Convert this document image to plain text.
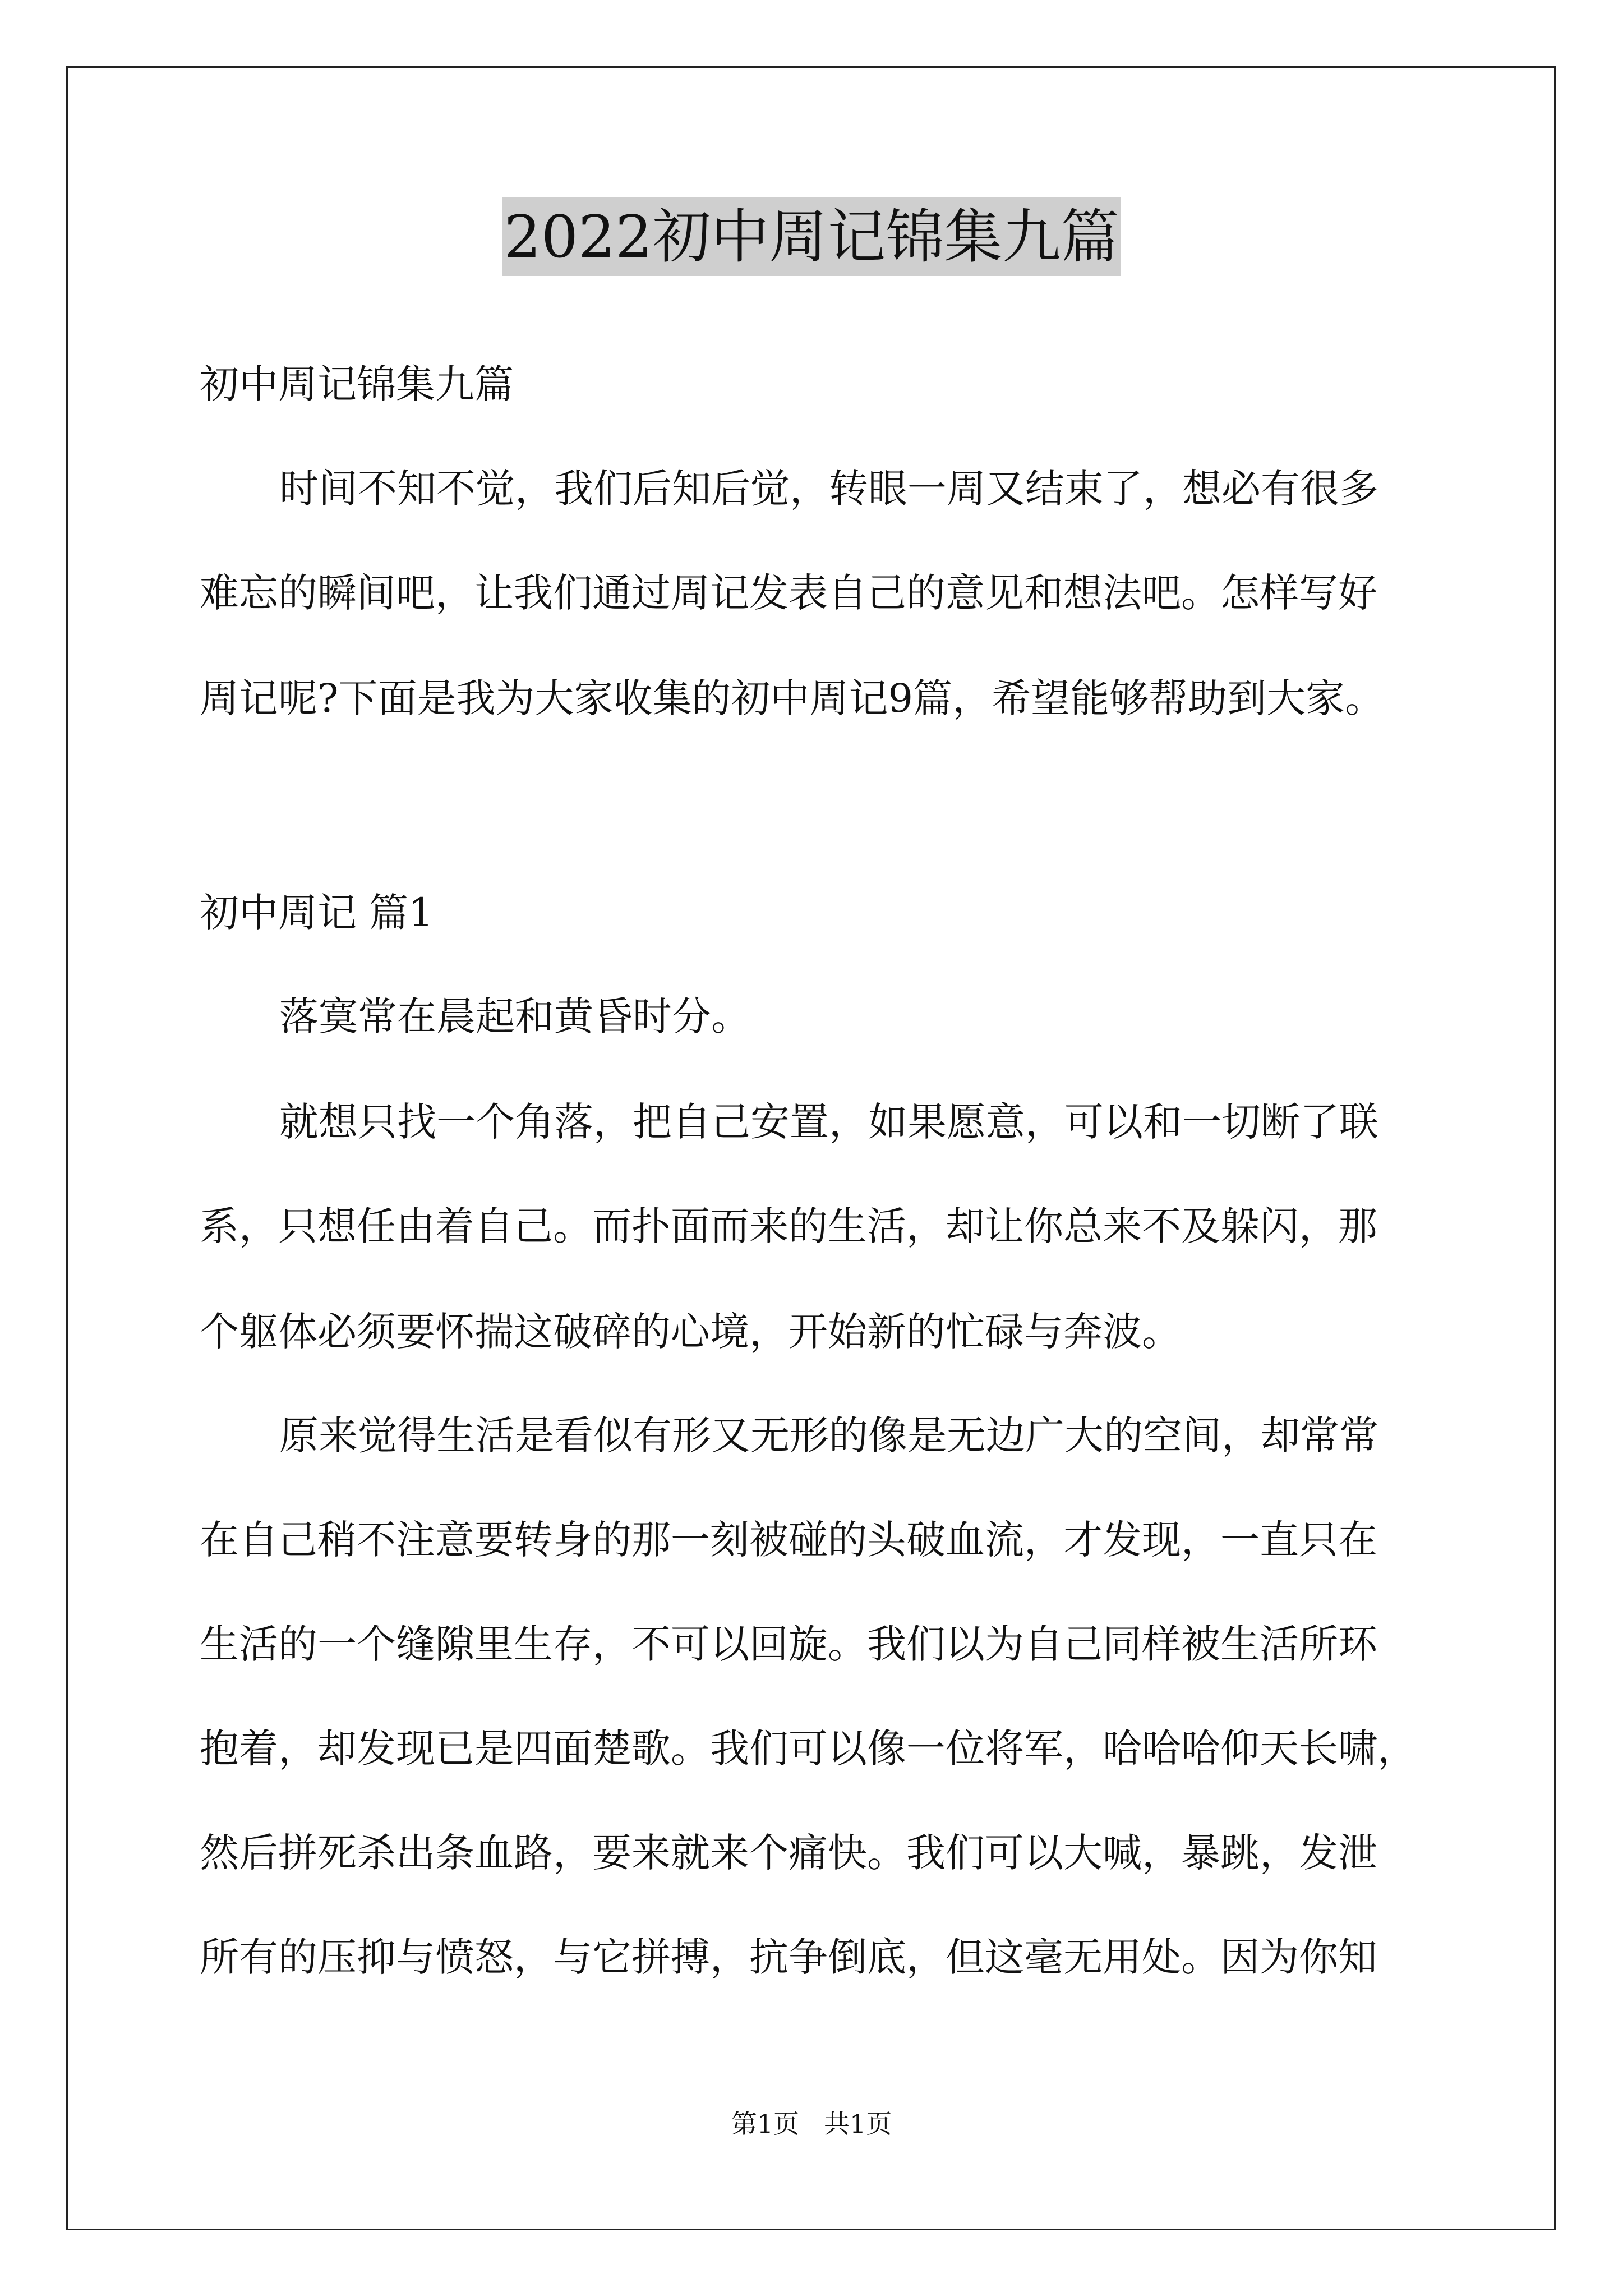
2022初中周记锦集九篇
初中周记锦集九篇
时间不知不觉，我们后知后觉，转眼一周又结束了，想必有很多
难忘的瞬间吧，让我们通过周记发表自己的意见和想法吧。怎样写好
周记呢?下面是我为大家收集的初中周记9篇，希望能够帮助到大家。
初中周记 篇1
落寞常在晨起和黄昏时分。
就想只找一个角落，把自己安置，如果愿意，可以和一切断了联
系，只想任由着自己。而扑面而来的生活，却让你总来不及躲闪，那
个躯体必须要怀揣这破碎的心境，开始新的忙碌与奔波。
原来觉得生活是看似有形又无形的像是无边广大的空间，却常常
在自己稍不注意要转身的那一刻被碰的头破血流，才发现，一直只在
生活的一个缝隙里生存，不可以回旋。我们以为自己同样被生活所环
抱着，却发现已是四面楚歌。我们可以像一位将军，哈哈哈仰天长啸，
然后拼死杀出条血路，要来就来个痛快。我们可以大喊，暴跳，发泄
所有的压抑与愤怒，与它拼搏，抗争倒底，但这毫无用处。因为你知
第1页 共1页
